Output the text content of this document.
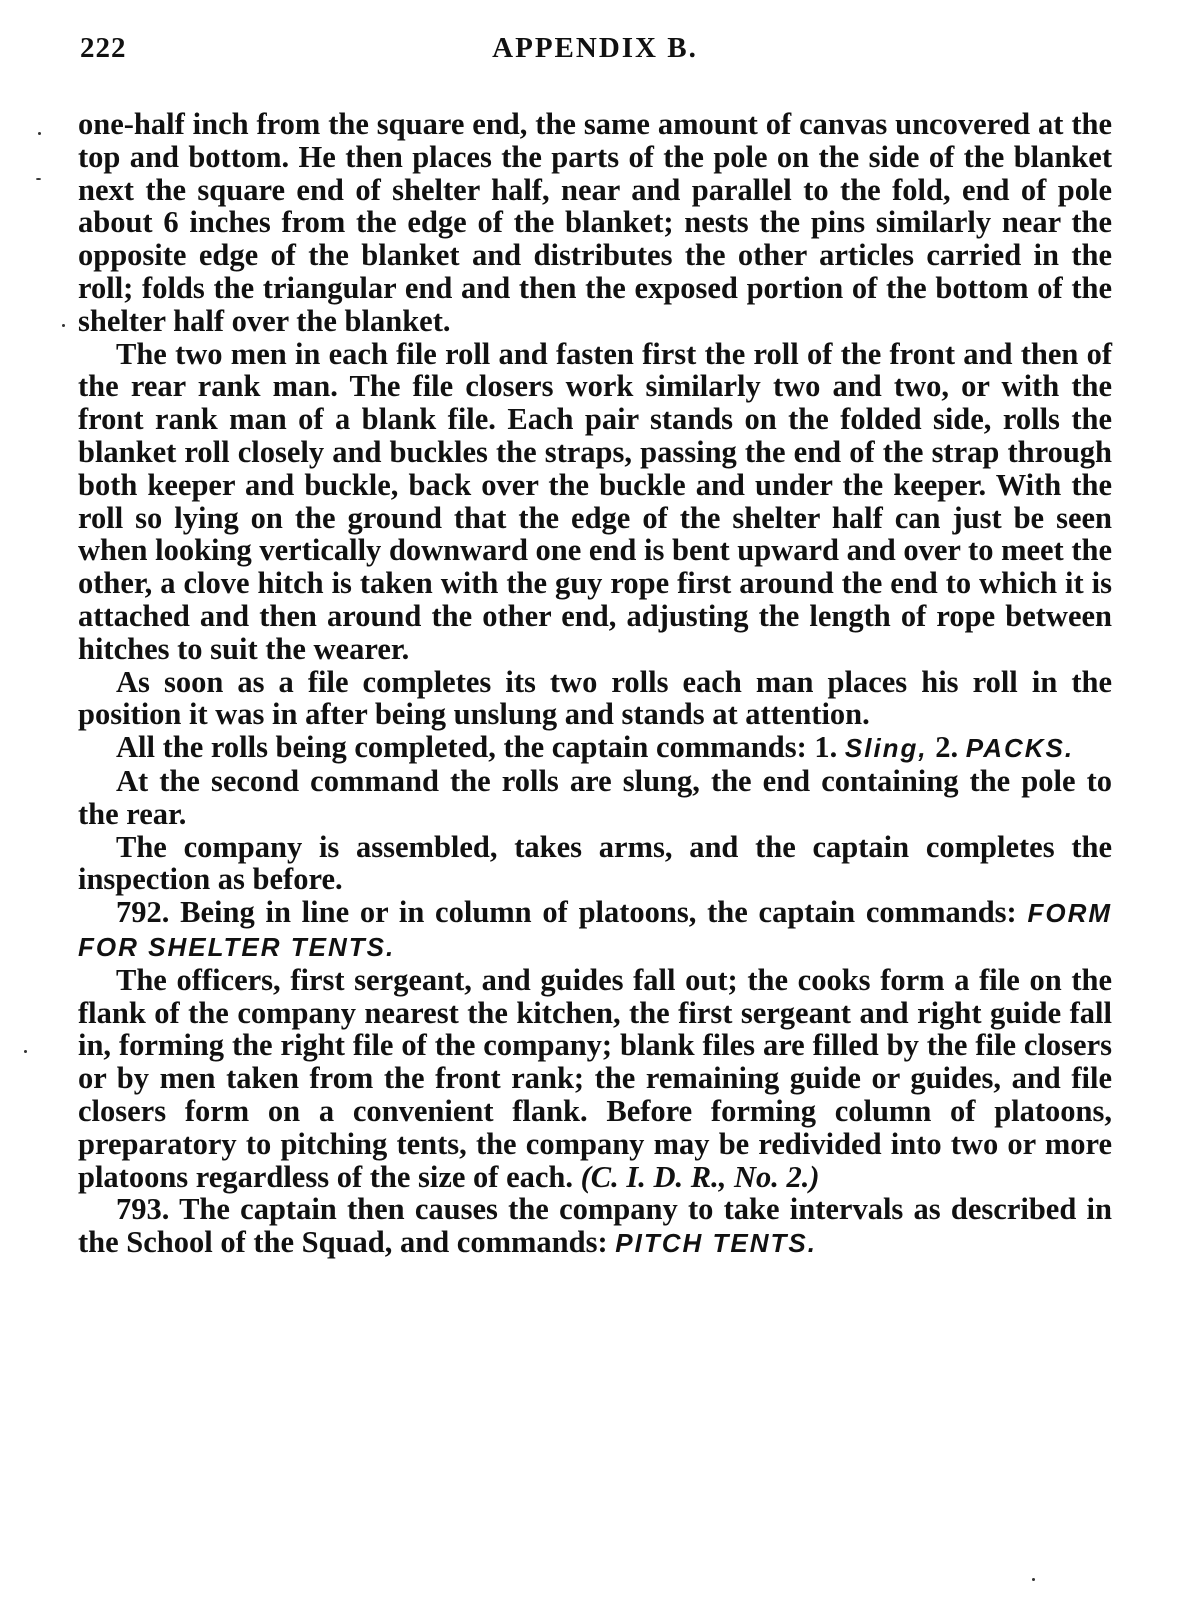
222	APPENDIX B.

one-half inch from the square end, the same amount of canvas uncovered at the top and bottom. He then places the parts of the pole on the side of the blanket next the square end of shelter half, near and parallel to the fold, end of pole about 6 inches from the edge of the blanket; nests the pins similarly near the opposite edge of the blanket and distributes the other articles carried in the roll; folds the triangular end and then the exposed portion of the bottom of the shelter half over the blanket.

The two men in each file roll and fasten first the roll of the front and then of the rear rank man. The file closers work similarly two and two, or with the front rank man of a blank file. Each pair stands on the folded side, rolls the blanket roll closely and buckles the straps, passing the end of the strap through both keeper and buckle, back over the buckle and under the keeper. With the roll so lying on the ground that the edge of the shelter half can just be seen when looking vertically downward one end is bent upward and over to meet the other, a clove hitch is taken with the guy rope first around the end to which it is attached and then around the other end, adjusting the length of rope between hitches to suit the wearer.

As soon as a file completes its two rolls each man places his roll in the position it was in after being unslung and stands at attention.

All the rolls being completed, the captain commands: 1. Sling, 2. PACKS.

At the second command the rolls are slung, the end containing the pole to the rear.

The company is assembled, takes arms, and the captain completes the inspection as before.

792. Being in line or in column of platoons, the captain commands: FORM FOR SHELTER TENTS.

The officers, first sergeant, and guides fall out; the cooks form a file on the flank of the company nearest the kitchen, the first sergeant and right guide fall in, forming the right file of the company; blank files are filled by the file closers or by men taken from the front rank; the remaining guide or guides, and file closers form on a convenient flank. Before forming column of platoons, preparatory to pitching tents, the company may be redivided into two or more platoons regardless of the size of each. (C. I. D. R., No. 2.)

793. The captain then causes the company to take intervals as described in the School of the Squad, and commands: PITCH TENTS.
